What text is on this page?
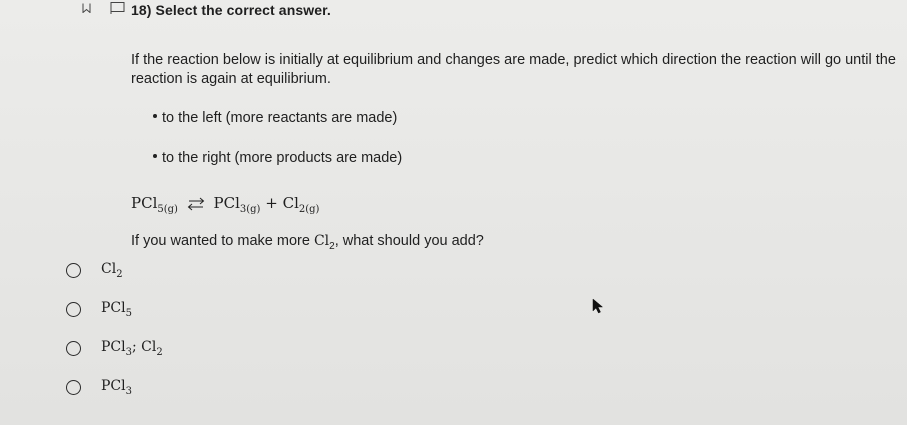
18) Select the correct answer.
If the reaction below is initially at equilibrium and changes are made, predict which direction the reaction will go until the reaction is again at equilibrium.
to the left (more reactants are made)
to the right (more products are made)
PCl$_{5(g)}$ ⇌ $PCl_{3(g)} + Cl_{2(g)}$
If you wanted to make more $Cl_2$, what should you add?
$Cl_2$
PCl$_5$
PCl$_3$; $Cl_2$
PCl$_3$
